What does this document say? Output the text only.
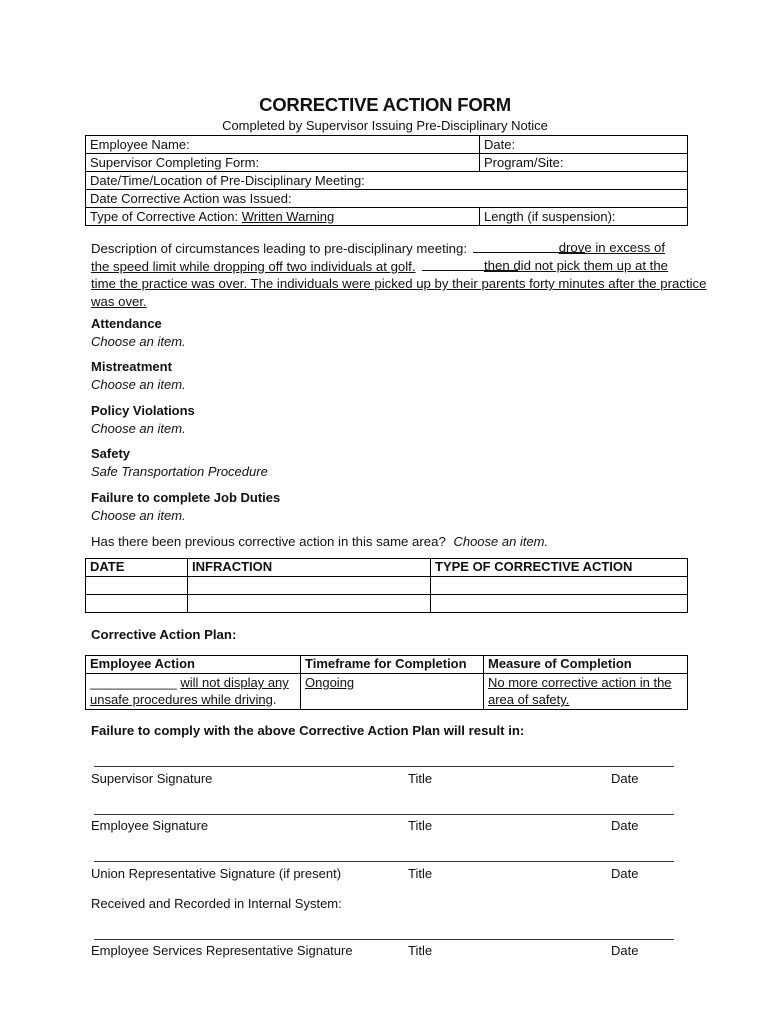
CORRECTIVE ACTION FORM
Completed by Supervisor Issuing Pre-Disciplinary Notice
Employee Name:	Date:
Supervisor Completing Form:	Program/Site:
Date/Time/Location of Pre-Disciplinary Meeting:	
Date Corrective Action was Issued:	
Type of Corrective Action: Written Warning	Length (if suspension):
Description of circumstances leading to pre-disciplinary meeting:	drove in excess of
the speed limit while dropping off two individuals at golf.	then did not pick them up at the
time the practice was over. The individuals were picked up by their parents forty minutes after the practice
was over.
Attendance
Choose an item.
Mistreatment
Choose an item.
Policy Violations
Choose an item.
Safety
Safe Transportation Procedure
Failure to complete Job Duties
Choose an item.
Has there been previous corrective action in this same area? Choose an item.
DATE	INFRACTION	TYPE OF CORRECTIVE ACTION

Corrective Action Plan:
Employee Action	Timeframe for Completion	Measure of Completion
____________ will not display any
unsafe procedures while driving.	Ongoing	No more corrective action in the
area of safety.
Failure to comply with the above Corrective Action Plan will result in:
Supervisor Signature	Title	Date
Employee Signature	Title	Date
Union Representative Signature (if present)	Title	Date
Received and Recorded in Internal System:
Employee Services Representative Signature	Title	Date
